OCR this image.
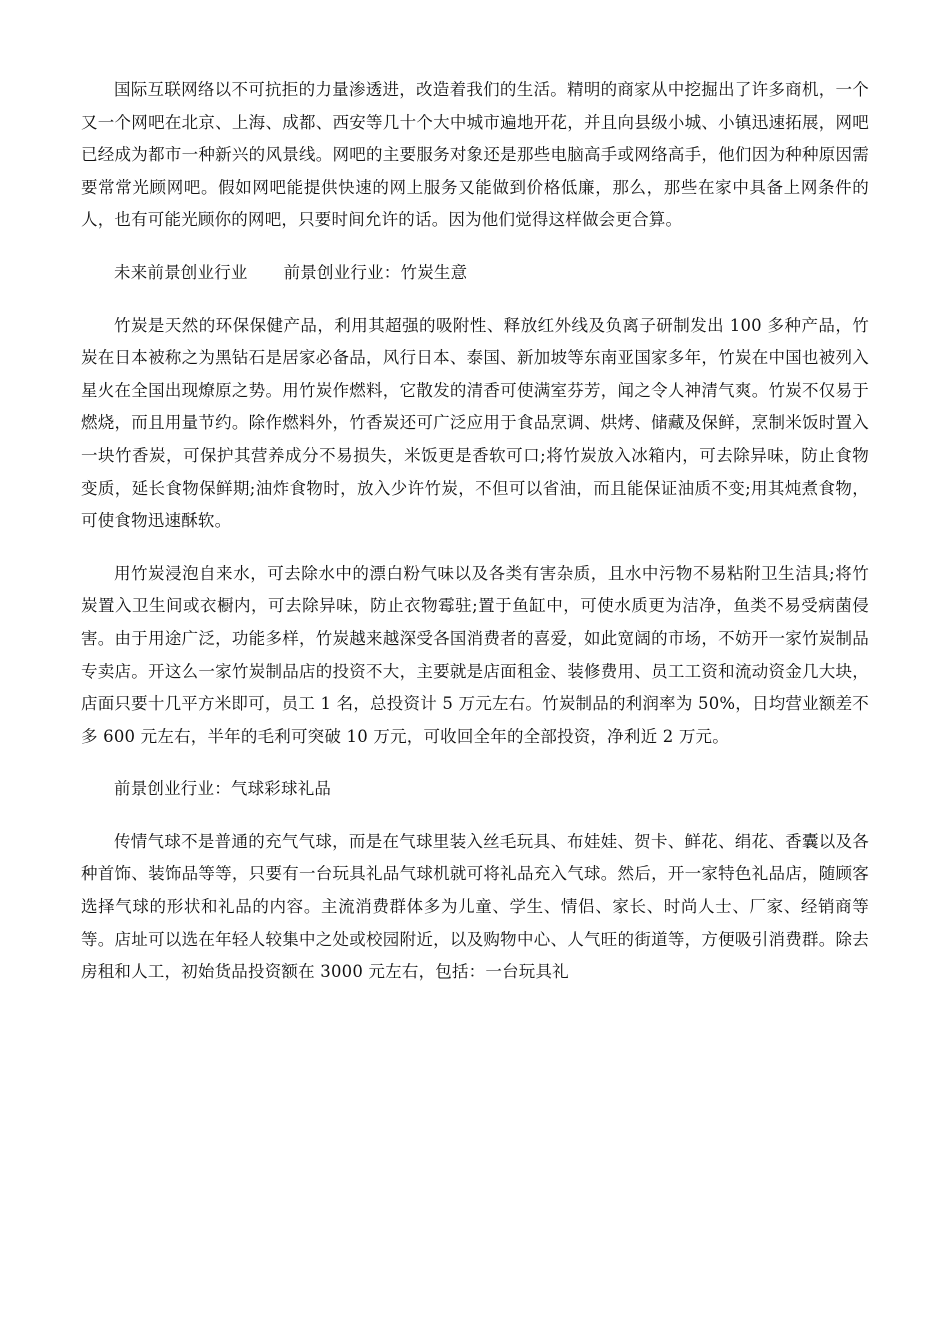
国际互联网络以不可抗拒的力量渗透进，改造着我们的生活。精明的商家从中挖掘出了许多商机，一个又一个网吧在北京、上海、成都、西安等几十个大中城市遍地开花，并且向县级小城、小镇迅速拓展，网吧已经成为都市一种新兴的风景线。网吧的主要服务对象还是那些电脑高手或网络高手，他们因为种种原因需要常常光顾网吧。假如网吧能提供快速的网上服务又能做到价格低廉，那么，那些在家中具备上网条件的人，也有可能光顾你的网吧，只要时间允许的话。因为他们觉得这样做会更合算。

未来前景创业行业 前景创业行业：竹炭生意

竹炭是天然的环保保健产品，利用其超强的吸附性、释放红外线及负离子研制发出 100 多种产品，竹炭在日本被称之为黑钻石是居家必备品，风行日本、泰国、新加坡等东南亚国家多年，竹炭在中国也被列入星火在全国出现燎原之势。用竹炭作燃料，它散发的清香可使满室芬芳，闻之令人神清气爽。竹炭不仅易于燃烧，而且用量节约。除作燃料外，竹香炭还可广泛应用于食品烹调、烘烤、储藏及保鲜，烹制米饭时置入一块竹香炭，可保护其营养成分不易损失，米饭更是香软可口;将竹炭放入冰箱内，可去除异味，防止食物变质，延长食物保鲜期;油炸食物时，放入少许竹炭，不但可以省油，而且能保证油质不变;用其炖煮食物，可使食物迅速酥软。

用竹炭浸泡自来水，可去除水中的漂白粉气味以及各类有害杂质，且水中污物不易粘附卫生洁具;将竹炭置入卫生间或衣橱内，可去除异味，防止衣物霉驻;置于鱼缸中，可使水质更为洁净，鱼类不易受病菌侵害。由于用途广泛，功能多样，竹炭越来越深受各国消费者的喜爱，如此宽阔的市场，不妨开一家竹炭制品专卖店。开这么一家竹炭制品店的投资不大，主要就是店面租金、装修费用、员工工资和流动资金几大块，店面只要十几平方米即可，员工 1 名，总投资计 5 万元左右。竹炭制品的利润率为 50%，日均营业额差不多 600 元左右，半年的毛利可突破 10 万元，可收回全年的全部投资，净利近 2 万元。

前景创业行业：气球彩球礼品

传情气球不是普通的充气气球，而是在气球里装入丝毛玩具、布娃娃、贺卡、鲜花、绢花、香囊以及各种首饰、装饰品等等，只要有一台玩具礼品气球机就可将礼品充入气球。然后，开一家特色礼品店，随顾客选择气球的形状和礼品的内容。主流消费群体多为儿童、学生、情侣、家长、时尚人士、厂家、经销商等等。店址可以选在年轻人较集中之处或校园附近，以及购物中心、人气旺的街道等，方便吸引消费群。除去房租和人工，初始货品投资额在 3000 元左右，包括：一台玩具礼
